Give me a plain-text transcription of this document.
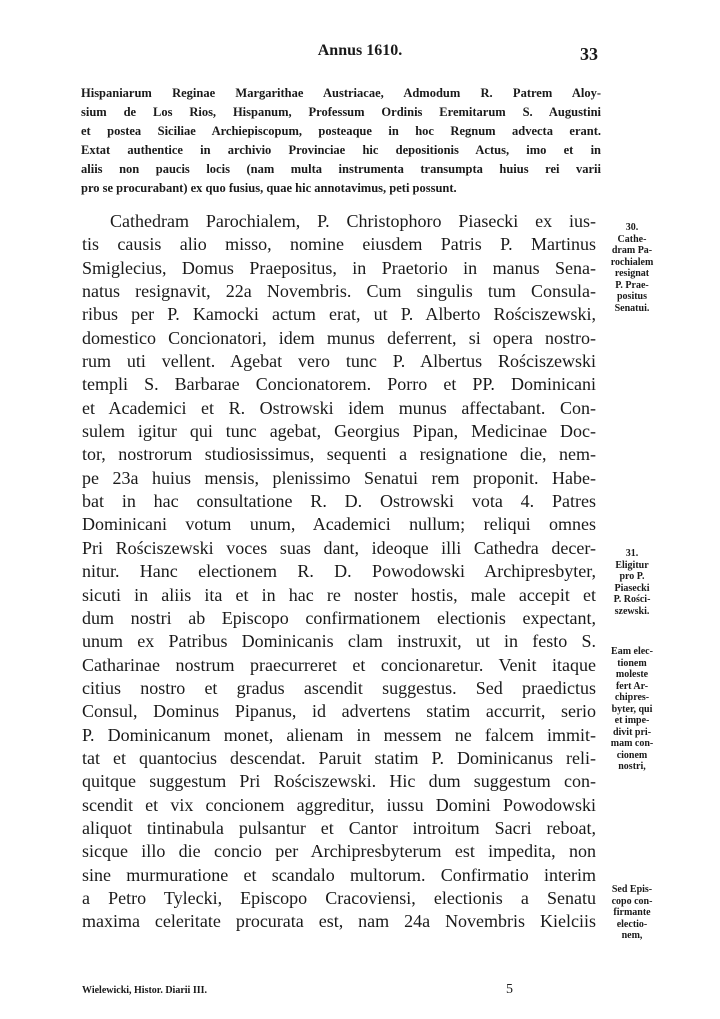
Annus 1610.	33
Hispaniarum Reginae Margarithae Austriacae, Admodum R. Patrem Aloy-
sium de Los Rios, Hispanum, Professum Ordinis Eremitarum S. Augustini
et postea Siciliae Archiepiscopum, posteaque in hoc Regnum advecta erant.
Extat authentice in archivio Provinciae hic depositionis Actus, imo et in
aliis non paucis locis (nam multa instrumenta transumpta huius rei varii
pro se procurabant) ex quo fusius, quae hic annotavimus, peti possunt.
Cathedram Parochialem, P. Christophoro Piasecki ex ius-
tis causis alio misso, nomine eiusdem Patris P. Martinus
Smiglecius, Domus Praepositus, in Praetorio in manus Sena-
natus resignavit, 22a Novembris. Cum singulis tum Consula-
ribus per P. Kamocki actum erat, ut P. Alberto Rościszewski,
domestico Concionatori, idem munus deferrent, si opera nostro-
rum uti vellent. Agebat vero tunc P. Albertus Rościszewski
templi S. Barbarae Concionatorem. Porro et PP. Dominicani
et Academici et R. Ostrowski idem munus affectabant. Con-
sulem igitur qui tunc agebat, Georgius Pipan, Medicinae Doc-
tor, nostrorum studiosissimus, sequenti a resignatione die, nem-
pe 23a huius mensis, plenissimo Senatui rem proponit. Habe-
bat in hac consultatione R. D. Ostrowski vota 4. Patres
Dominicani votum unum, Academici nullum; reliqui omnes
Pri Rościszewski voces suas dant, ideoque illi Cathedra decer-
nitur. Hanc electionem R. D. Powodowski Archipresbyter,
sicuti in aliis ita et in hac re noster hostis, male accepit et
dum nostri ab Episcopo confirmationem electionis expectant,
unum ex Patribus Dominicanis clam instruxit, ut in festo S.
Catharinae nostrum praecurreret et concionaretur. Venit itaque
citius nostro et gradus ascendit suggestus. Sed praedictus
Consul, Dominus Pipanus, id advertens statim accurrit, serio
P. Dominicanum monet, alienam in messem ne falcem immit-
tat et quantocius descendat. Paruit statim P. Dominicanus reli-
quitque suggestum Pri Rościszewski. Hic dum suggestum con-
scendit et vix concionem aggreditur, iussu Domini Powodowski
aliquot tintinabula pulsantur et Cantor introitum Sacri reboat,
sicque illo die concio per Archipresbyterum est impedita, non
sine murmuratione et scandalo multorum. Confirmatio interim
a Petro Tylecki, Episcopo Cracoviensi, electionis a Senatu
maxima celeritate procurata est, nam 24a Novembris Kielciis
30.
Cathe-
dram Pa-
rochialem
resignat
P. Prae-
positus
Senatui.
31.
Eligitur
pro P.
Piasecki
P. Rości-
szewski.
Eam elec-
tionem
moleste
fert Ar-
chipres-
byter, qui
et impe-
divit pri-
mam con-
cionem
nostri,
Sed Epis-
copo con-
firmante
electio-
nem,
Wielewicki, Histor. Diarii III.	5
